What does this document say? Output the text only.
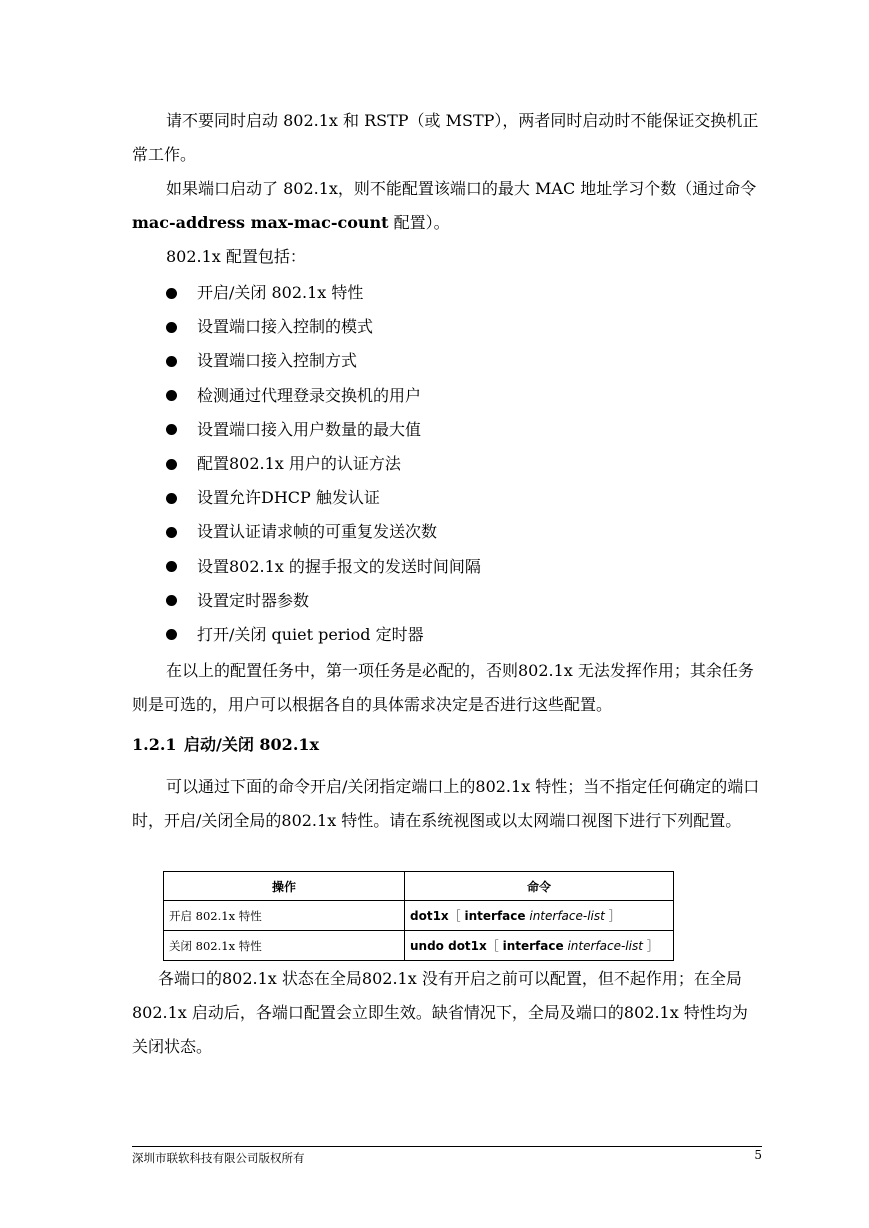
请不要同时启动 802.1x 和 RSTP（或 MSTP），两者同时启动时不能保证交换机正常工作。

如果端口启动了 802.1x，则不能配置该端口的最大 MAC 地址学习个数（通过命令 mac-address max-mac-count 配置）。

802.1x 配置包括：

开启/关闭 802.1x 特性
设置端口接入控制的模式
设置端口接入控制方式
检测通过代理登录交换机的用户
设置端口接入用户数量的最大值
配置802.1x 用户的认证方法
设置允许DHCP 触发认证
设置认证请求帧的可重复发送次数
设置802.1x 的握手报文的发送时间间隔
设置定时器参数
打开/关闭 quiet period 定时器

在以上的配置任务中，第一项任务是必配的，否则802.1x 无法发挥作用；其余任务则是可选的，用户可以根据各自的具体需求决定是否进行这些配置。

1.2.1 启动/关闭 802.1x

可以通过下面的命令开启/关闭指定端口上的802.1x 特性；当不指定任何确定的端口时，开启/关闭全局的802.1x 特性。请在系统视图或以太网端口视图下进行下列配置。

操作	命令
开启 802.1x 特性	dot1x［ interface interface-list ］
关闭 802.1x 特性	undo dot1x［ interface interface-list ］

各端口的802.1x 状态在全局802.1x 没有开启之前可以配置，但不起作用；在全局802.1x 启动后，各端口配置会立即生效。缺省情况下，全局及端口的802.1x 特性均为关闭状态。

深圳市联软科技有限公司版权所有	5
